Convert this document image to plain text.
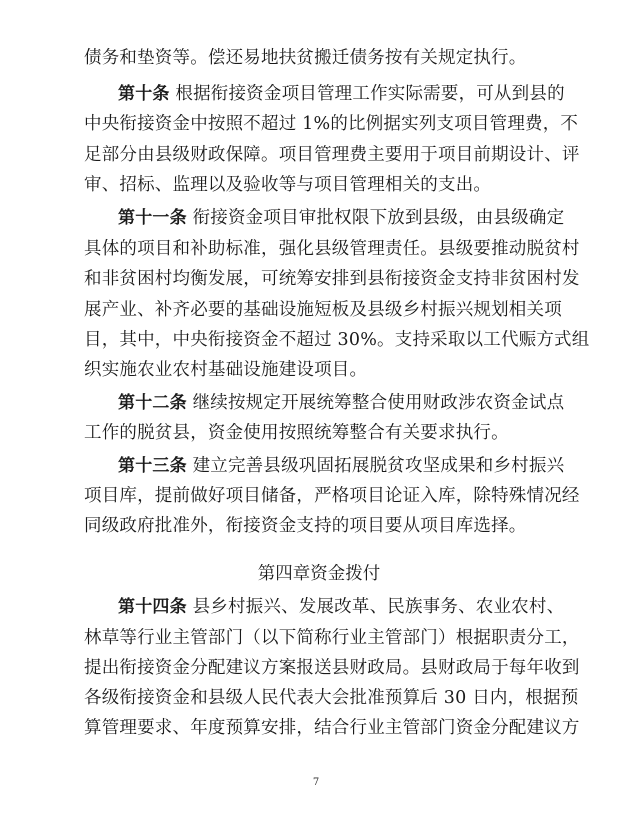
债务和垫资等。偿还易地扶贫搬迁债务按有关规定执行。
第十条 根据衔接资金项目管理工作实际需要，可从到县的
中央衔接资金中按照不超过 1%的比例据实列支项目管理费，不
足部分由县级财政保障。项目管理费主要用于项目前期设计、评
审、招标、监理以及验收等与项目管理相关的支出。
第十一条 衔接资金项目审批权限下放到县级，由县级确定
具体的项目和补助标准，强化县级管理责任。县级要推动脱贫村
和非贫困村均衡发展，可统筹安排到县衔接资金支持非贫困村发
展产业、补齐必要的基础设施短板及县级乡村振兴规划相关项
目，其中，中央衔接资金不超过 30%。支持采取以工代赈方式组
织实施农业农村基础设施建设项目。
第十二条 继续按规定开展统筹整合使用财政涉农资金试点
工作的脱贫县，资金使用按照统筹整合有关要求执行。
第十三条 建立完善县级巩固拓展脱贫攻坚成果和乡村振兴
项目库，提前做好项目储备，严格项目论证入库，除特殊情况经
同级政府批准外，衔接资金支持的项目要从项目库选择。
第四章资金拨付
第十四条 县乡村振兴、发展改革、民族事务、农业农村、
林草等行业主管部门（以下简称行业主管部门）根据职责分工，
提出衔接资金分配建议方案报送县财政局。县财政局于每年收到
各级衔接资金和县级人民代表大会批准预算后 30 日内，根据预
算管理要求、年度预算安排，结合行业主管部门资金分配建议方
7
